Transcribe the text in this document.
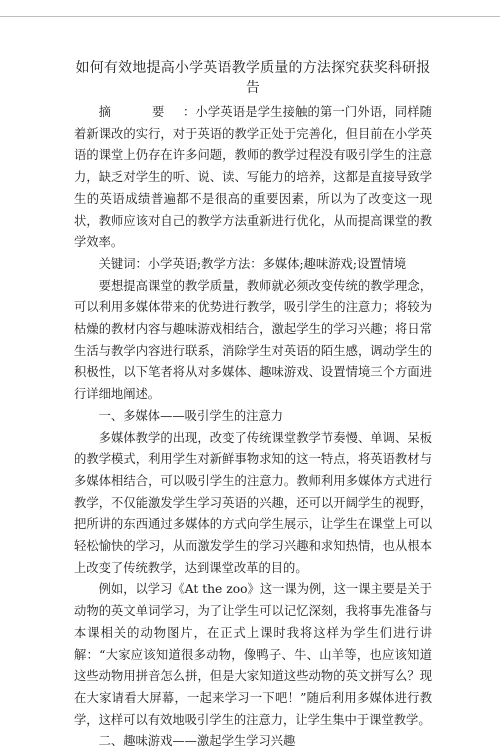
如何有效地提高小学英语教学质量的方法探究获奖科研报告

摘 要：小学英语是学生接触的第一门外语，同样随着新课改的实行，对于英语的教学正处于完善化，但目前在小学英语的课堂上仍存在许多问题，教师的教学过程没有吸引学生的注意力，缺乏对学生的听、说、读、写能力的培养，这都是直接导致学生的英语成绩普遍都不是很高的重要因素，所以为了改变这一现状，教师应该对自己的教学方法重新进行优化，从而提高课堂的教学效率。

关键词：小学英语;教学方法：多媒体;趣味游戏;设置情境

要想提高课堂的教学质量，教师就必须改变传统的教学理念，可以利用多媒体带来的优势进行教学，吸引学生的注意力；将较为枯燥的教材内容与趣味游戏相结合，激起学生的学习兴趣；将日常生活与教学内容进行联系，消除学生对英语的陌生感，调动学生的积极性，以下笔者将从对多媒体、趣味游戏、设置情境三个方面进行详细地阐述。

一、多媒体——吸引学生的注意力

多媒体教学的出现，改变了传统课堂教学节奏慢、单调、呆板的教学模式，利用学生对新鲜事物求知的这一特点，将英语教材与多媒体相结合，可以吸引学生的注意力。教师利用多媒体方式进行教学，不仅能激发学生学习英语的兴趣，还可以开阔学生的视野，把所讲的东西通过多媒体的方式向学生展示，让学生在课堂上可以轻松愉快的学习，从而激发学生的学习兴趣和求知热情，也从根本上改变了传统教学，达到课堂改革的目的。

例如，以学习《At the zoo》这一课为例，这一课主要是关于动物的英文单词学习，为了让学生可以记忆深刻，我将事先准备与本课相关的动物图片，在正式上课时我将这样为学生们进行讲解：“大家应该知道很多动物，像鸭子、牛、山羊等，也应该知道这些动物用拼音怎么拼，但是大家知道这些动物的英文拼写么？现在大家请看大屏幕，一起来学习一下吧！”随后利用多媒体进行教学，这样可以有效地吸引学生的注意力，让学生集中于课堂教学。

二、趣味游戏——激起学生学习兴趣
